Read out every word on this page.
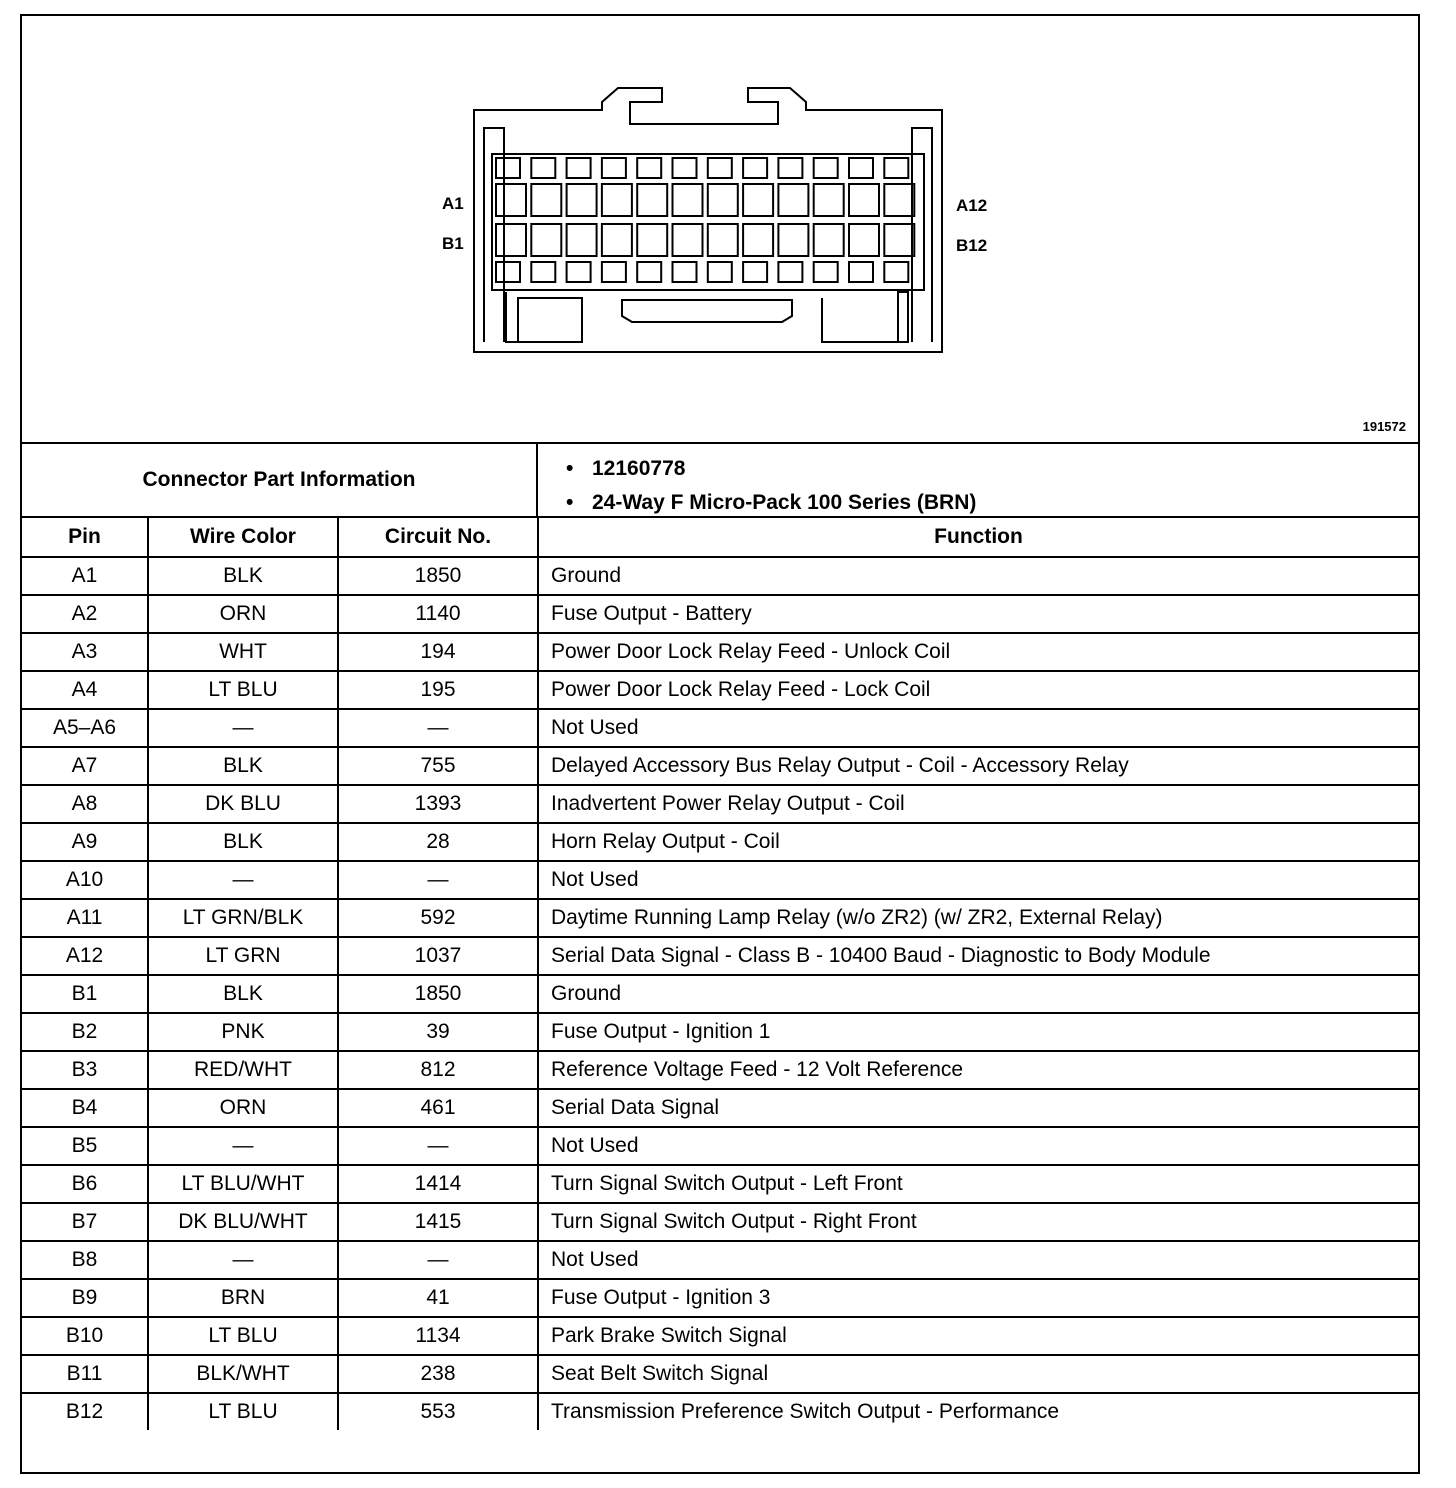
A1	A12
B1	B12
191572
Connector Part Information	• 12160778
• 24-Way F Micro-Pack 100 Series (BRN)
Pin	Wire Color	Circuit No.	Function
A1	BLK	1850	Ground
A2	ORN	1140	Fuse Output - Battery
A3	WHT	194	Power Door Lock Relay Feed - Unlock Coil
A4	LT BLU	195	Power Door Lock Relay Feed - Lock Coil
A5–A6	—	—	Not Used
A7	BLK	755	Delayed Accessory Bus Relay Output - Coil - Accessory Relay
A8	DK BLU	1393	Inadvertent Power Relay Output - Coil
A9	BLK	28	Horn Relay Output - Coil
A10	—	—	Not Used
A11	LT GRN/BLK	592	Daytime Running Lamp Relay (w/o ZR2) (w/ ZR2, External Relay)
A12	LT GRN	1037	Serial Data Signal - Class B - 10400 Baud - Diagnostic to Body Module
B1	BLK	1850	Ground
B2	PNK	39	Fuse Output - Ignition 1
B3	RED/WHT	812	Reference Voltage Feed - 12 Volt Reference
B4	ORN	461	Serial Data Signal
B5	—	—	Not Used
B6	LT BLU/WHT	1414	Turn Signal Switch Output - Left Front
B7	DK BLU/WHT	1415	Turn Signal Switch Output - Right Front
B8	—	—	Not Used
B9	BRN	41	Fuse Output - Ignition 3
B10	LT BLU	1134	Park Brake Switch Signal
B11	BLK/WHT	238	Seat Belt Switch Signal
B12	LT BLU	553	Transmission Preference Switch Output - Performance
